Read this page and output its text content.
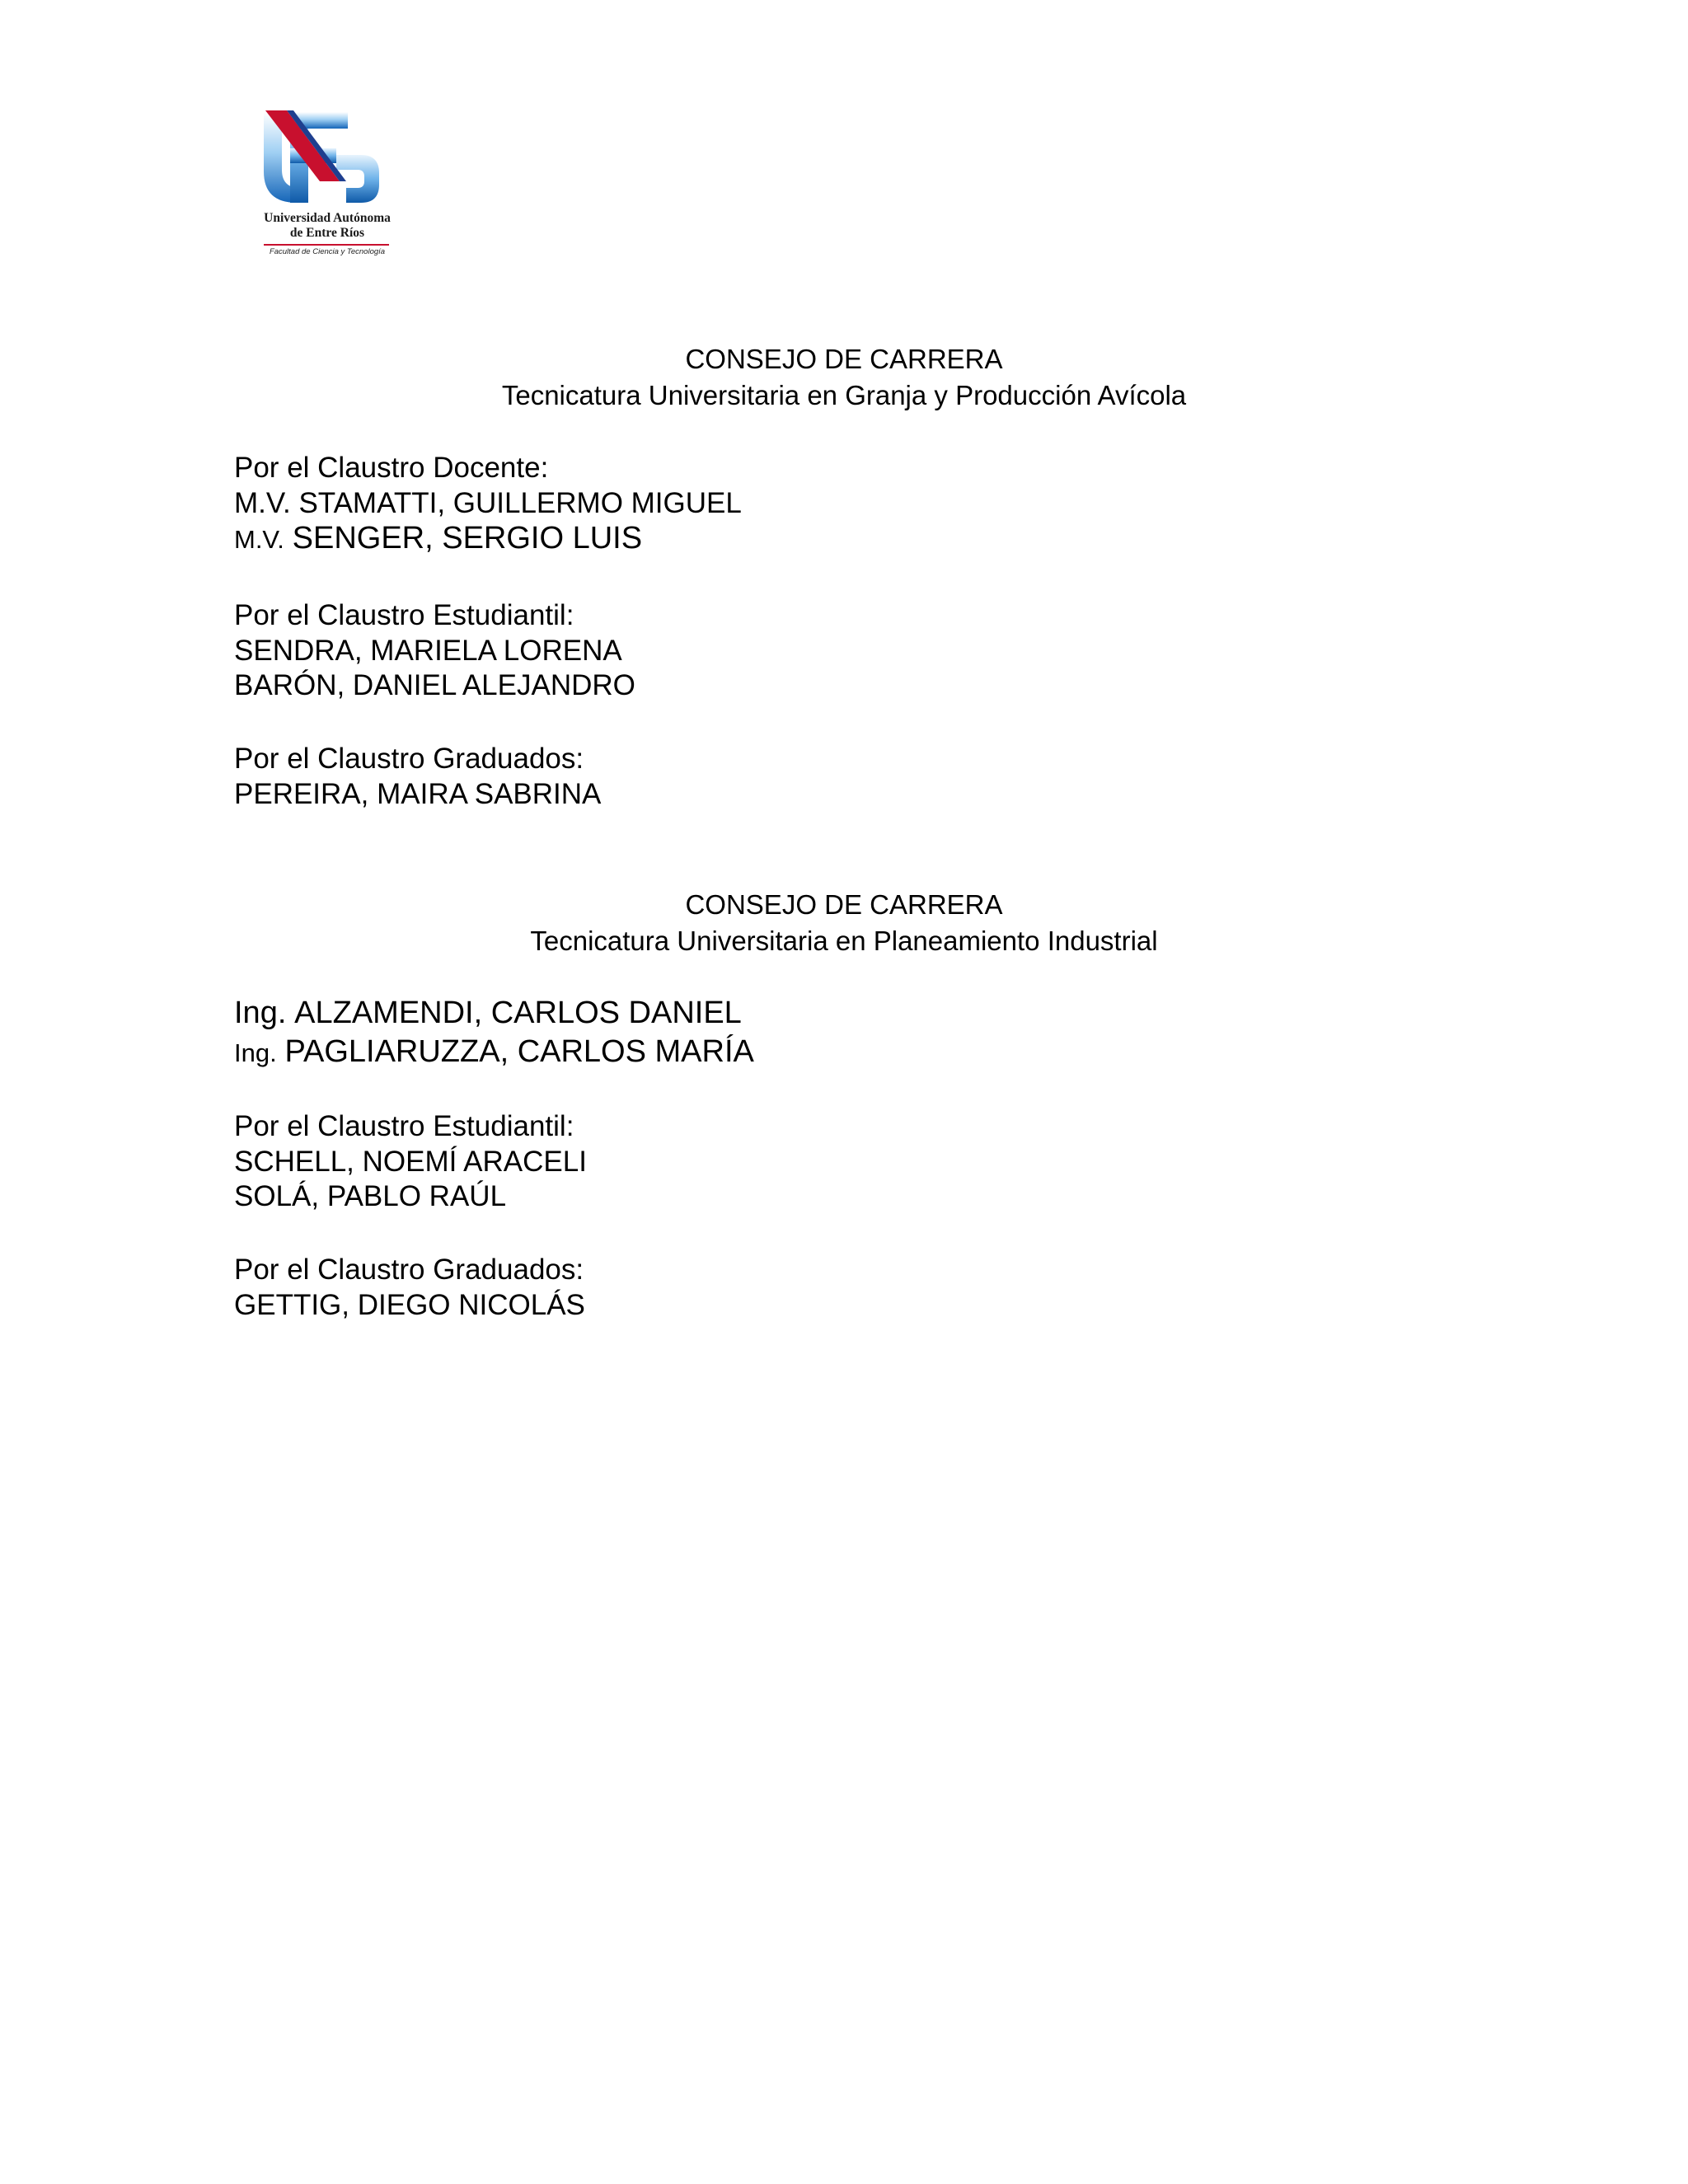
Universidad Autónoma
de Entre Ríos
Facultad de Ciencia y Tecnología
CONSEJO DE CARRERA
Tecnicatura Universitaria en Granja y Producción Avícola
Por el Claustro Docente:
M.V. STAMATTI, GUILLERMO MIGUEL
M.V. SENGER, SERGIO LUIS
Por el Claustro Estudiantil:
SENDRA, MARIELA LORENA
BARÓN, DANIEL ALEJANDRO
Por el Claustro Graduados:
PEREIRA, MAIRA SABRINA
CONSEJO DE CARRERA
Tecnicatura Universitaria en Planeamiento Industrial
Ing. ALZAMENDI, CARLOS DANIEL
Ing. PAGLIARUZZA, CARLOS MARÍA
Por el Claustro Estudiantil:
SCHELL, NOEMÍ ARACELI
SOLÁ, PABLO RAÚL
Por el Claustro Graduados:
GETTIG, DIEGO NICOLÁS
